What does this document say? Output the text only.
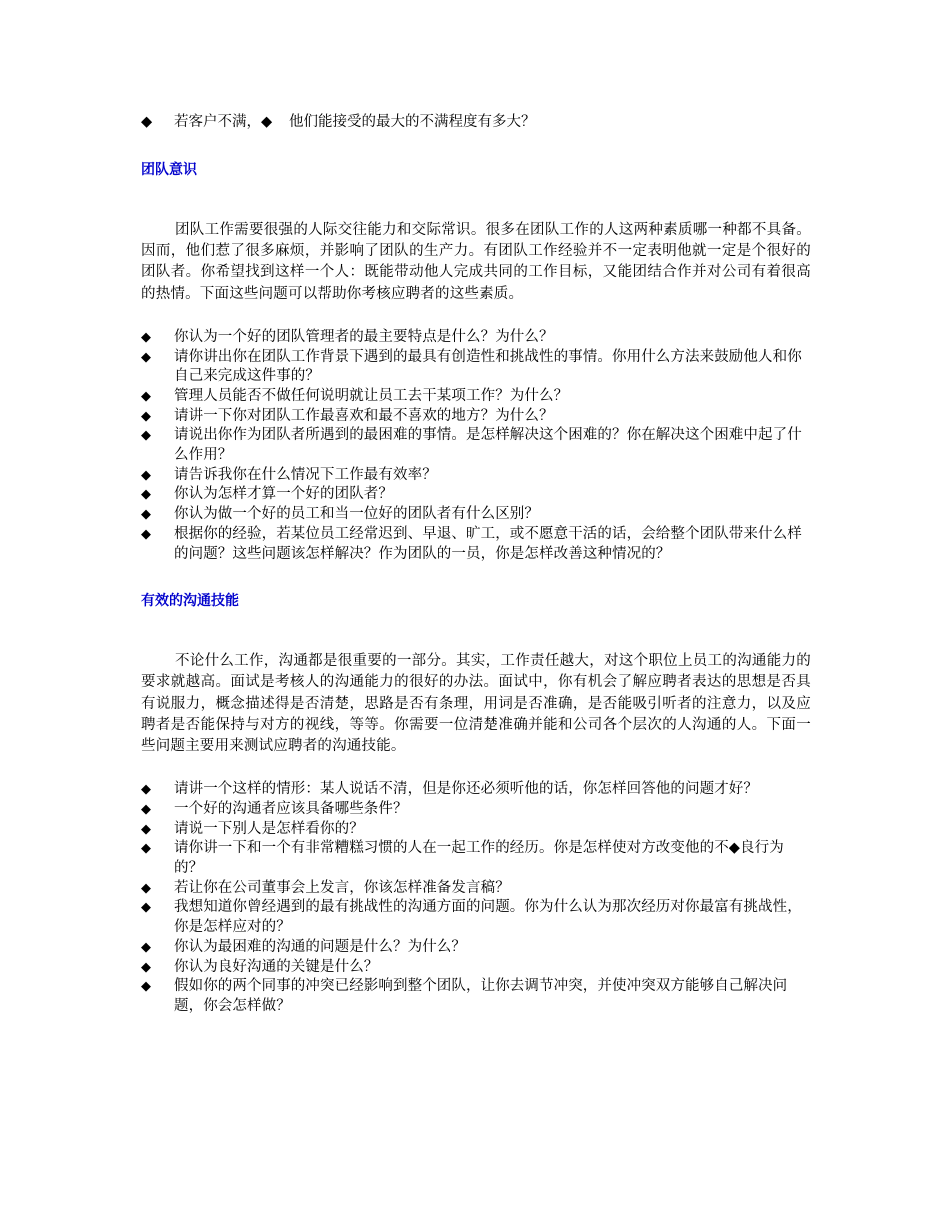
◆ 若客户不满，◆ 他们能接受的最大的不满程度有多大？

团队意识

团队工作需要很强的人际交往能力和交际常识。很多在团队工作的人这两种素质哪一种都不具备。因而，他们惹了很多麻烦，并影响了团队的生产力。有团队工作经验并不一定表明他就一定是个很好的团队者。你希望找到这样一个人：既能带动他人完成共同的工作目标，又能团结合作并对公司有着很高的热情。下面这些问题可以帮助你考核应聘者的这些素质。

◆ 你认为一个好的团队管理者的最主要特点是什么？为什么？
◆ 请你讲出你在团队工作背景下遇到的最具有创造性和挑战性的事情。你用什么方法来鼓励他人和你自己来完成这件事的？
◆ 管理人员能否不做任何说明就让员工去干某项工作？为什么？
◆ 请讲一下你对团队工作最喜欢和最不喜欢的地方？为什么？
◆ 请说出你作为团队者所遇到的最困难的事情。是怎样解决这个困难的？你在解决这个困难中起了什么作用？
◆ 请告诉我你在什么情况下工作最有效率？
◆ 你认为怎样才算一个好的团队者？
◆ 你认为做一个好的员工和当一位好的团队者有什么区别？
◆ 根据你的经验，若某位员工经常迟到、早退、旷工，或不愿意干活的话，会给整个团队带来什么样的问题？这些问题该怎样解决？作为团队的一员，你是怎样改善这种情况的？
有效的沟通技能

不论什么工作，沟通都是很重要的一部分。其实，工作责任越大，对这个职位上员工的沟通能力的要求就越高。面试是考核人的沟通能力的很好的办法。面试中，你有机会了解应聘者表达的思想是否具有说服力，概念描述得是否清楚，思路是否有条理，用词是否准确，是否能吸引听者的注意力，以及应聘者是否能保持与对方的视线，等等。你需要一位清楚准确并能和公司各个层次的人沟通的人。下面一些问题主要用来测试应聘者的沟通技能。

◆ 请讲一个这样的情形：某人说话不清，但是你还必须听他的话，你怎样回答他的问题才好？
◆ 一个好的沟通者应该具备哪些条件？
◆ 请说一下别人是怎样看你的？
◆ 请你讲一下和一个有非常糟糕习惯的人在一起工作的经历。你是怎样使对方改变他的不◆良行为的？
◆ 若让你在公司董事会上发言，你该怎样准备发言稿？
◆ 我想知道你曾经遇到的最有挑战性的沟通方面的问题。你为什么认为那次经历对你最富有挑战性，你是怎样应对的？
◆ 你认为最困难的沟通的问题是什么？为什么？
◆ 你认为良好沟通的关键是什么？
◆ 假如你的两个同事的冲突已经影响到整个团队，让你去调节冲突，并使冲突双方能够自己解决问题，你会怎样做？
